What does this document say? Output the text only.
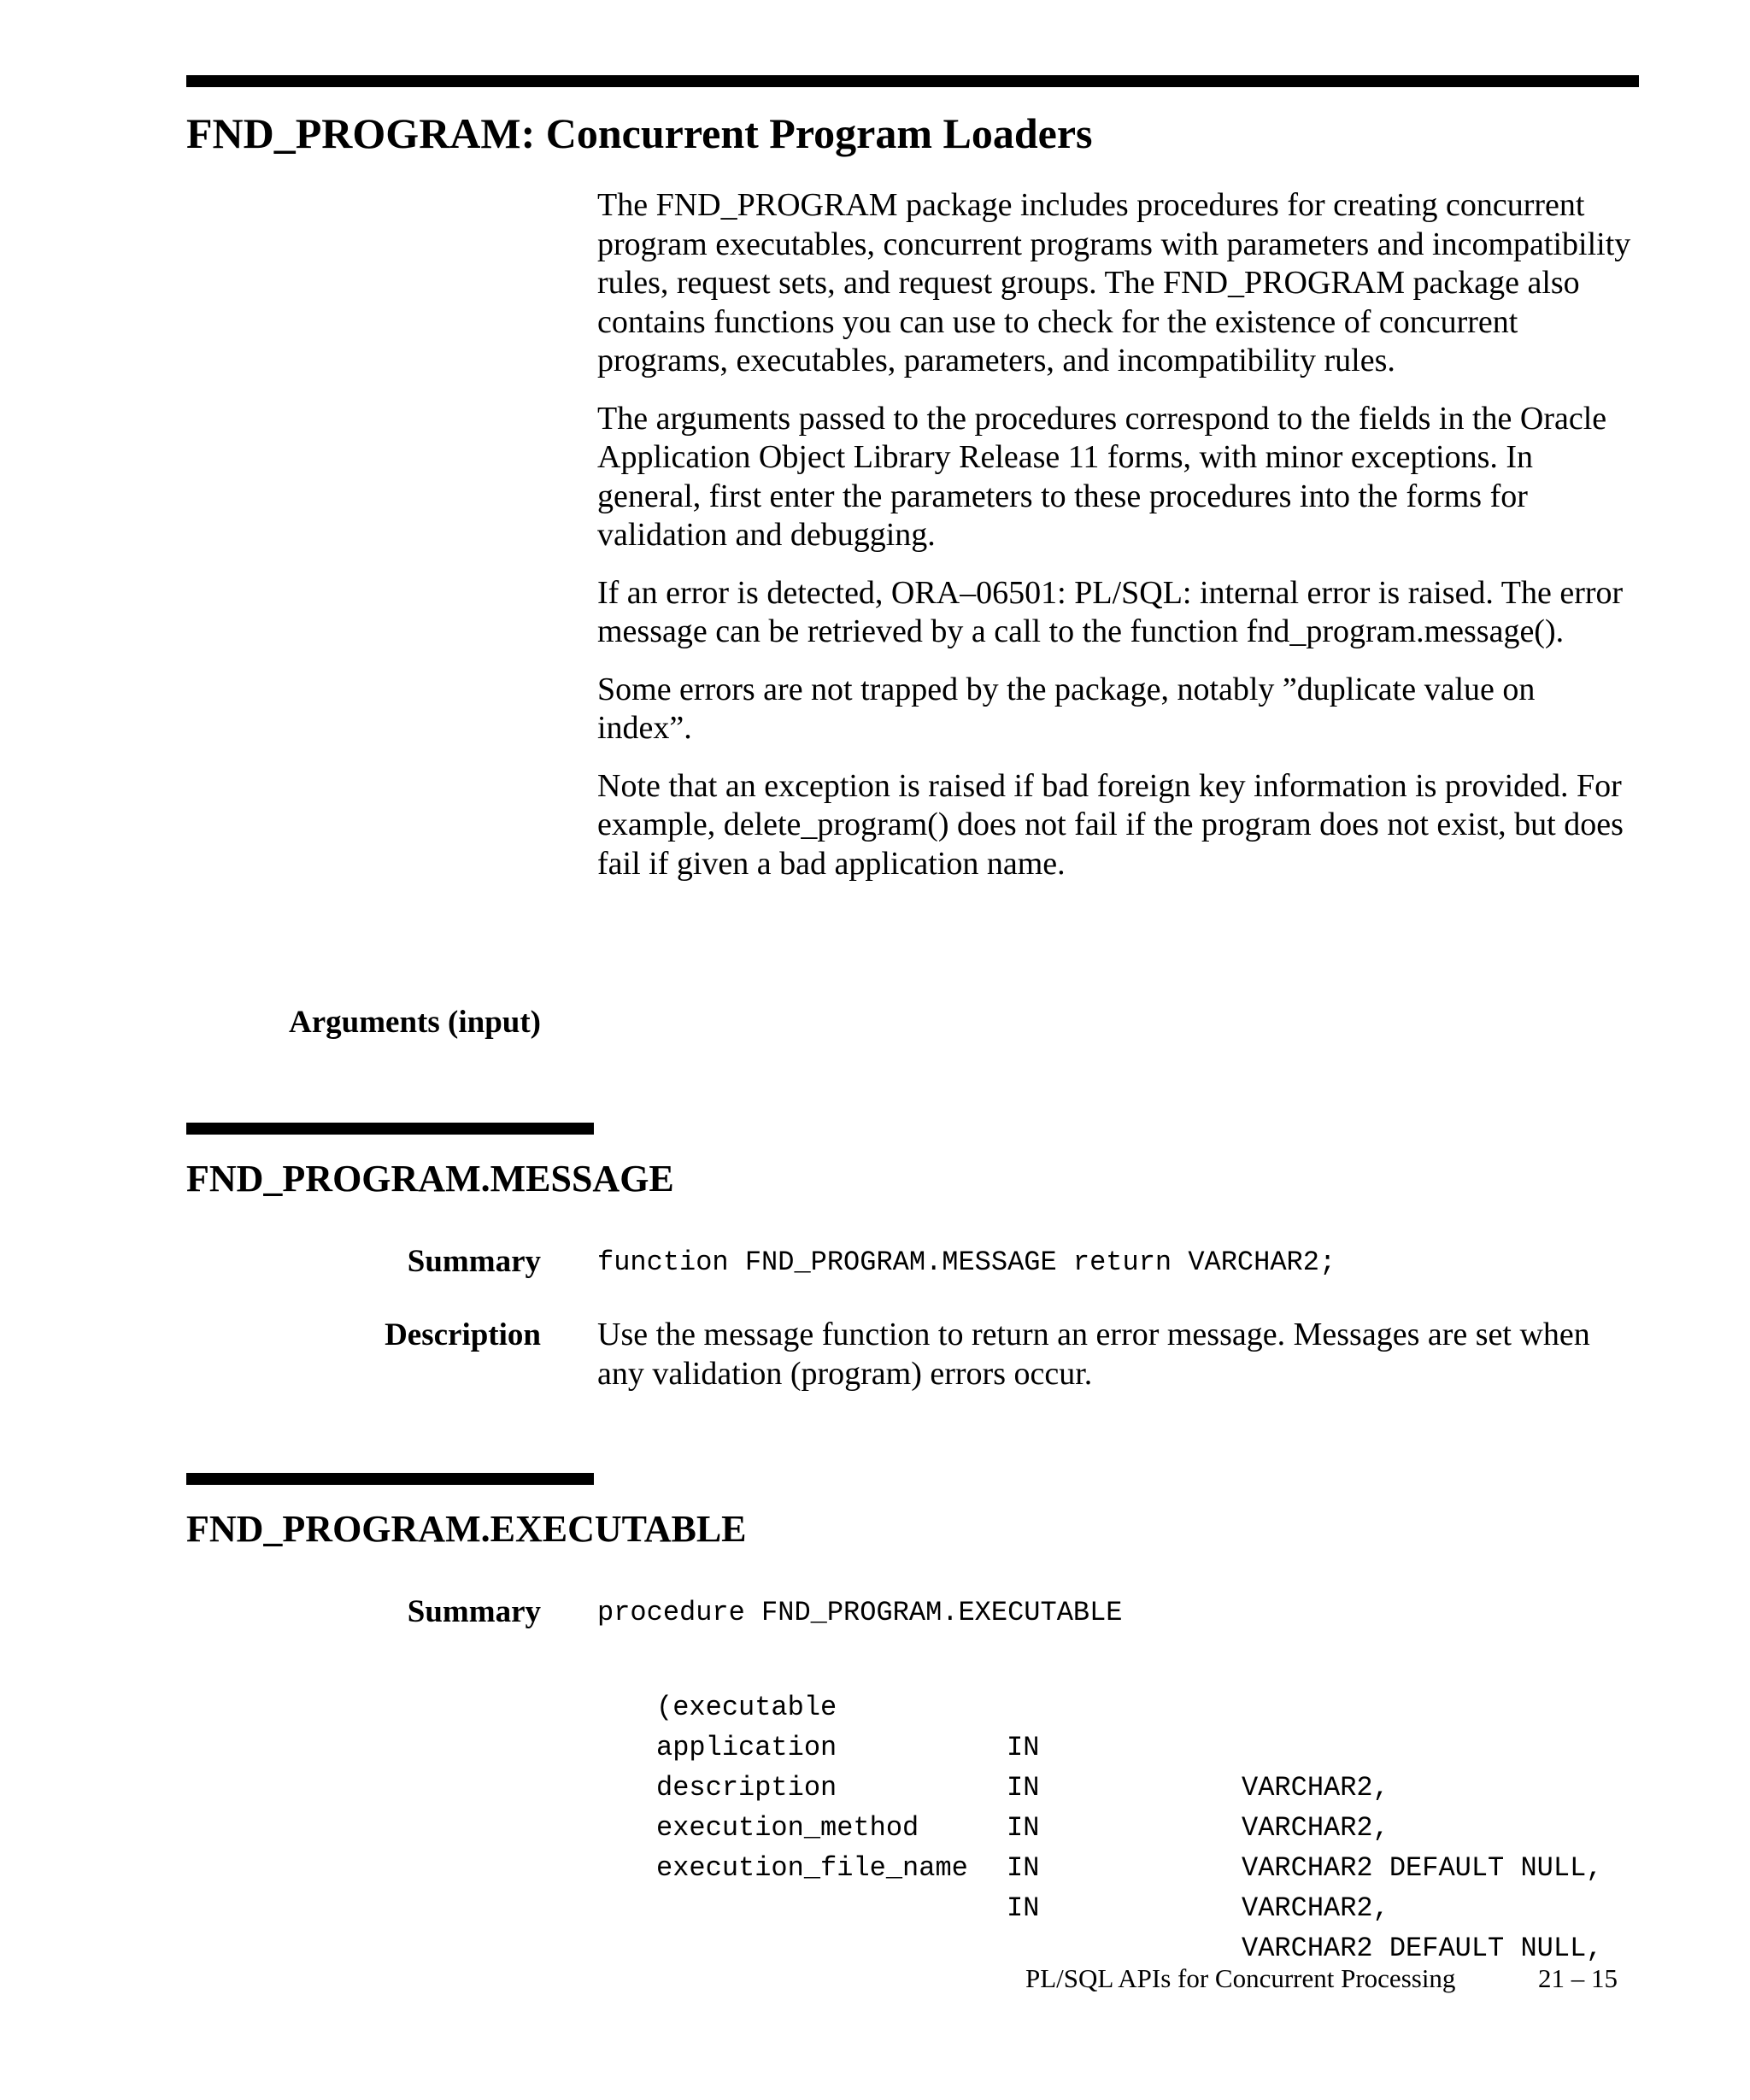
FND_PROGRAM: Concurrent Program Loaders

The FND_PROGRAM package includes procedures for creating concurrent program executables, concurrent programs with parameters and incompatibility rules, request sets, and request groups. The FND_PROGRAM package also contains functions you can use to check for the existence of concurrent programs, executables, parameters, and incompatibility rules.

The arguments passed to the procedures correspond to the fields in the Oracle Application Object Library Release 11 forms, with minor exceptions. In general, first enter the parameters to these procedures into the forms for validation and debugging.

If an error is detected, ORA–06501: PL/SQL: internal error is raised. The error message can be retrieved by a call to the function fnd_program.message().

Some errors are not trapped by the package, notably ”duplicate value on index”.

Note that an exception is raised if bad foreign key information is provided. For example, delete_program() does not fail if the program does not exist, but does fail if given a bad application name.

Arguments (input)
FND_PROGRAM.MESSAGE
Summary function FND_PROGRAM.MESSAGE return VARCHAR2;
Description Use the message function to return an error message. Messages are set when any validation (program) errors occur.
FND_PROGRAM.EXECUTABLE
Summary procedure FND_PROGRAM.EXECUTABLE

(executable

IN

VARCHAR2,

application

IN

VARCHAR2,

description

IN

VARCHAR2 DEFAULT NULL,

execution_method

IN

VARCHAR2,

execution_file_name

IN

VARCHAR2 DEFAULT NULL,

PL/SQL APIs for Concurrent Processing	21 – 15
